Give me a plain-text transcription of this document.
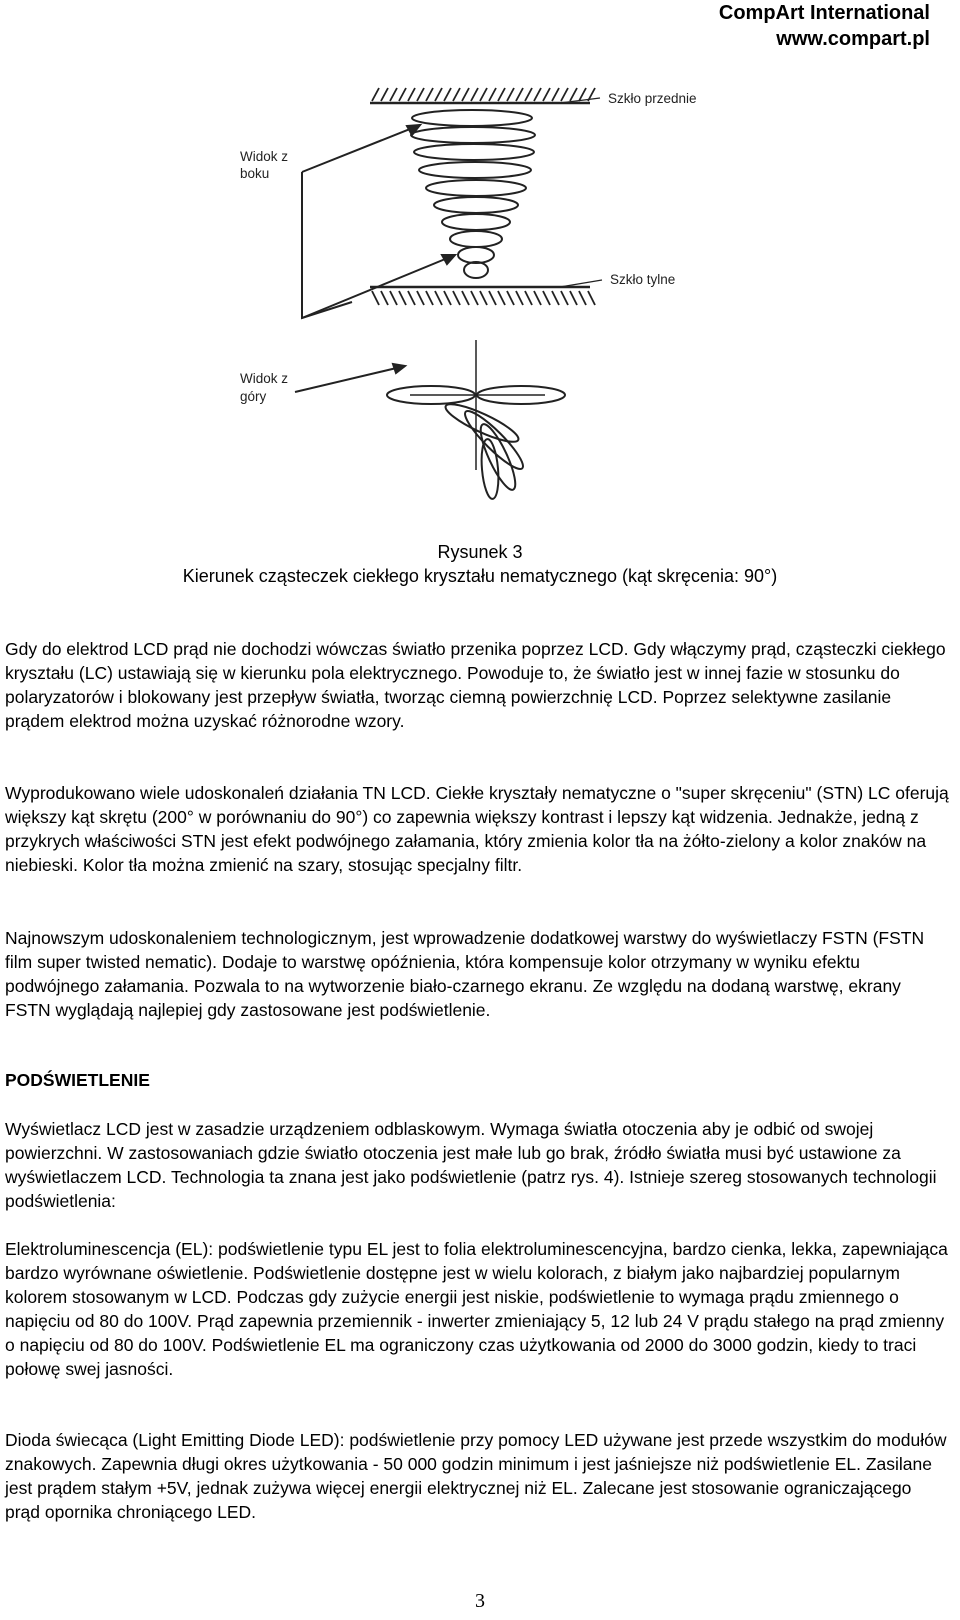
CompArt International
www.compart.pl
Szkło przednie
Widok z
boku
Szkło tylne
Widok z
góry
Rysunek 3
Kierunek cząsteczek ciekłego kryształu nematycznego (kąt skręcenia: 90°)

Gdy do elektrod LCD prąd nie dochodzi wówczas światło przenika poprzez LCD. Gdy włączymy prąd, cząsteczki ciekłego kryształu (LC) ustawiają się w kierunku pola elektrycznego. Powoduje to, że światło jest w innej fazie w stosunku do polaryzatorów i blokowany jest przepływ światła, tworząc ciemną powierzchnię LCD. Poprzez selektywne zasilanie prądem elektrod można uzyskać różnorodne wzory.

Wyprodukowano wiele udoskonaleń działania TN LCD. Ciekłe kryształy nematyczne o "super skręceniu" (STN) LC oferują większy kąt skrętu (200° w porównaniu do 90°) co zapewnia większy kontrast i lepszy kąt widzenia. Jednakże, jedną z przykrych właściwości STN jest efekt podwójnego załamania, który zmienia kolor tła na żółto-zielony a kolor znaków na niebieski. Kolor tła można zmienić na szary, stosując specjalny filtr.

Najnowszym udoskonaleniem technologicznym, jest wprowadzenie dodatkowej warstwy do wyświetlaczy FSTN (FSTN film super twisted nematic). Dodaje to warstwę opóźnienia, która kompensuje kolor otrzymany w wyniku efektu podwójnego załamania. Pozwala to na wytworzenie biało-czarnego ekranu. Ze względu na dodaną warstwę, ekrany FSTN wyglądają najlepiej gdy zastosowane jest podświetlenie.

PODŚWIETLENIE

Wyświetlacz LCD jest w zasadzie urządzeniem odblaskowym. Wymaga światła otoczenia aby je odbić od swojej powierzchni. W zastosowaniach gdzie światło otoczenia jest małe lub go brak, źródło światła musi być ustawione za wyświetlaczem LCD. Technologia ta znana jest jako podświetlenie (patrz rys. 4). Istnieje szereg stosowanych technologii podświetlenia:

Elektroluminescencja (EL): podświetlenie typu EL jest to folia elektroluminescencyjna, bardzo cienka, lekka, zapewniająca bardzo wyrównane oświetlenie. Podświetlenie dostępne jest w wielu kolorach, z białym jako najbardziej popularnym kolorem stosowanym w LCD. Podczas gdy zużycie energii jest niskie, podświetlenie to wymaga prądu zmiennego o napięciu od 80 do 100V. Prąd zapewnia przemiennik - inwerter zmieniający 5, 12 lub 24 V prądu stałego na prąd zmienny o napięciu od 80 do 100V. Podświetlenie EL ma ograniczony czas użytkowania od 2000 do 3000 godzin, kiedy to traci połowę swej jasności.

Dioda świecąca (Light Emitting Diode LED): podświetlenie przy pomocy LED używane jest przede wszystkim do modułów znakowych. Zapewnia długi okres użytkowania - 50 000 godzin minimum i jest jaśniejsze niż podświetlenie EL. Zasilane jest prądem stałym +5V, jednak zużywa więcej energii elektrycznej niż EL. Zalecane jest stosowanie ograniczającego prąd opornika chroniącego LED.

3
